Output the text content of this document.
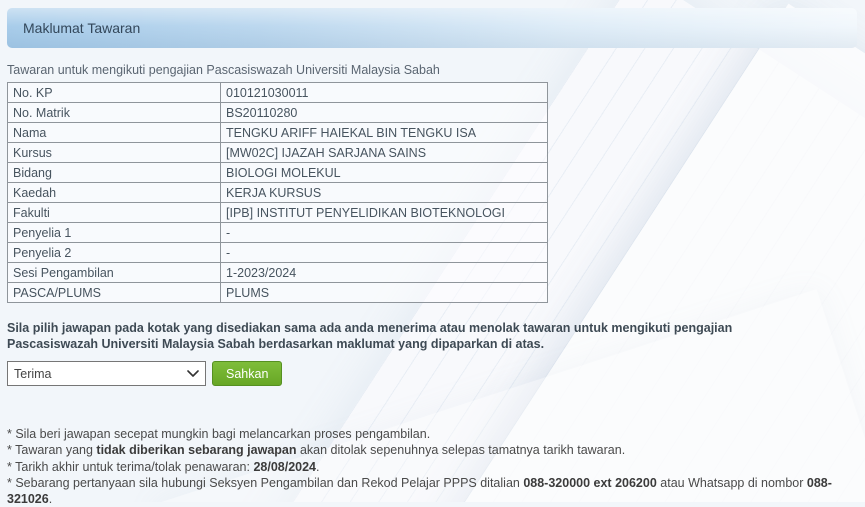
Maklumat Tawaran
Tawaran untuk mengikuti pengajian Pascasiswazah Universiti Malaysia Sabah
No. KP	010121030011
No. Matrik	BS20110280
Nama	TENGKU ARIFF HAIEKAL BIN TENGKU ISA
Kursus	[MW02C] IJAZAH SARJANA SAINS
Bidang	BIOLOGI MOLEKUL
Kaedah	KERJA KURSUS
Fakulti	[IPB] INSTITUT PENYELIDIKAN BIOTEKNOLOGI
Penyelia 1	-
Penyelia 2	-
Sesi Pengambilan	1-2023/2024
PASCA/PLUMS	PLUMS
Sila pilih jawapan pada kotak yang disediakan sama ada anda menerima atau menolak tawaran untuk mengikuti pengajian
Pascasiswazah Universiti Malaysia Sabah berdasarkan maklumat yang dipaparkan di atas.
Terima
Sahkan
* Sila beri jawapan secepat mungkin bagi melancarkan proses pengambilan.
* Tawaran yang tidak diberikan sebarang jawapan akan ditolak sepenuhnya selepas tamatnya tarikh tawaran.
* Tarikh akhir untuk terima/tolak penawaran: 28/08/2024.
* Sebarang pertanyaan sila hubungi Seksyen Pengambilan dan Rekod Pelajar PPPS ditalian 088-320000 ext 206200 atau Whatsapp di nombor 088-321026.
